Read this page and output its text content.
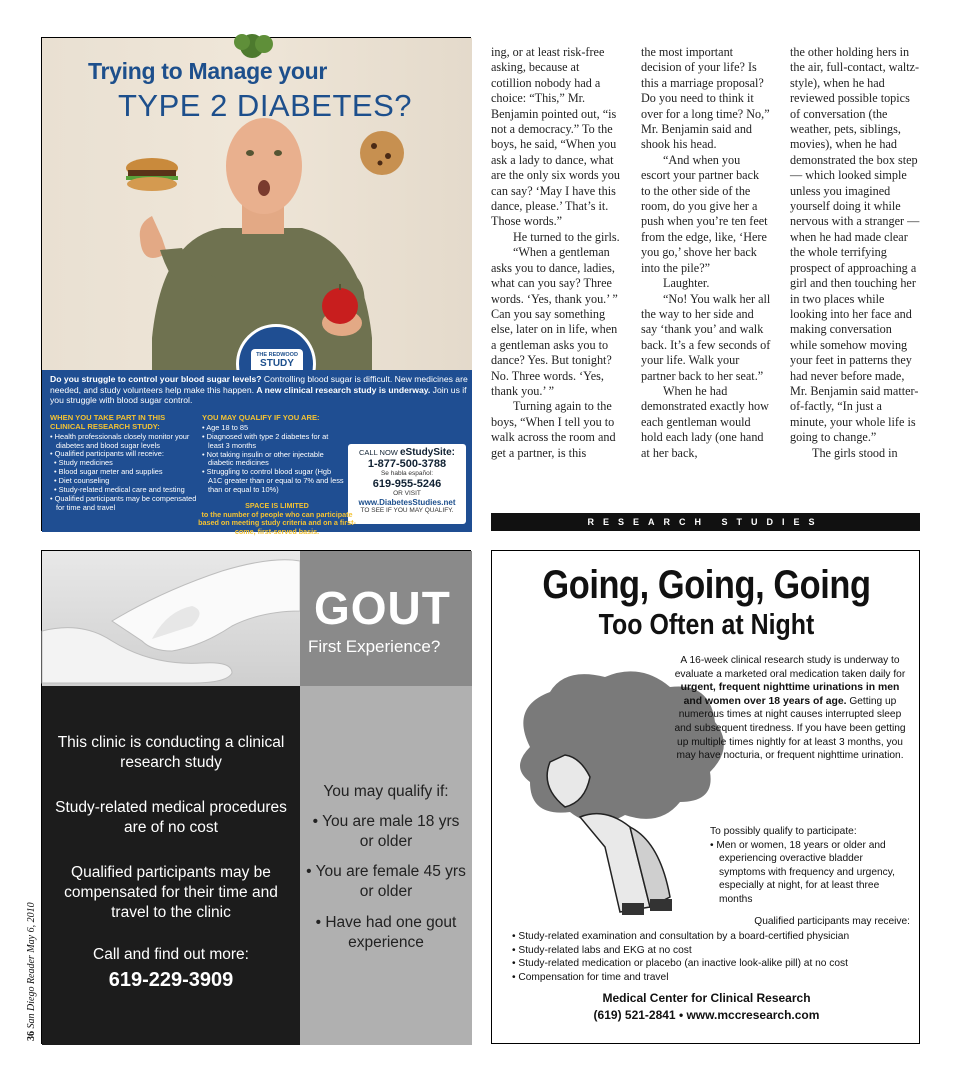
Trying to Manage your
TYPE 2 DIABETES?
THE REDWOOD
STUDY
Do you struggle to control your blood sugar levels? Controlling blood sugar is difficult. New medicines are needed, and study volunteers help make this happen. A new clinical research study is underway. Join us if you struggle with blood sugar control.
WHEN YOU TAKE PART IN THIS CLINICAL RESEARCH STUDY:
• Health professionals closely monitor your diabetes and blood sugar levels
• Qualified participants will receive:
• Study medicines
• Blood sugar meter and supplies
• Diet counseling
• Study-related medical care and testing
• Qualified participants may be compensated for time and travel
YOU MAY QUALIFY IF YOU ARE:
• Age 18 to 85
• Diagnosed with type 2 diabetes for at least 3 months
• Not taking insulin or other injectable diabetic medicines
• Struggling to control blood sugar (Hgb A1C greater than or equal to 7% and less than or equal to 10%)
CALL NOW eStudySite:
1-877-500-3788
Se habla español:
619-955-5246
OR VISIT
www.DiabetesStudies.net
TO SEE IF YOU MAY QUALIFY.
SPACE IS LIMITED
to the number of people who can participate based on meeting study criteria and on a first-come, first-served basis.

ing, or at least risk-free asking, because at cotillion nobody had a choice: “This,” Mr. Benjamin pointed out, “is not a democracy.” To the boys, he said, “When you ask a lady to dance, what are the only six words you can say? ‘May I have this dance, please.’ That’s it. Those words.”

He turned to the girls.

“When a gentleman asks you to dance, ladies, what can you say? Three words. ‘Yes, thank you.’ ” Can you say something else, later on in life, when a gentleman asks you to dance? Yes. But tonight? No. Three words. ‘Yes, thank you.’ ”

Turning again to the boys, “When I tell you to walk across the room and get a partner, is this

the most important decision of your life? Is this a marriage proposal? Do you need to think it over for a long time? No,” Mr. Benjamin said and shook his head.

“And when you escort your partner back to the other side of the room, do you give her a push when you’re ten feet from the edge, like, ‘Here you go,’ shove her back into the pile?”

Laughter.

“No! You walk her all the way to her side and say ‘thank you’ and walk back. It’s a few seconds of your life. Walk your partner back to her seat.”

When he had demonstrated exactly how each gentleman would hold each lady (one hand at her back,

the other holding hers in the air, full-contact, waltz-style), when he had reviewed possible topics of conversation (the weather, pets, siblings, movies), when he had demonstrated the box step — which looked simple unless you imagined yourself doing it while nervous with a stranger — when he had made clear the whole terrifying prospect of approaching a girl and then touching her in two places while looking into her face and making conversation while somehow moving your feet in patterns they had never before made, Mr. Benjamin said matter-of-factly, “In just a minute, your whole life is going to change.”

The girls stood in

RESEARCH STUDIES
GOUT
First Experience?

This clinic is conducting a clinical research study

Study-related medical procedures are of no cost

Qualified participants may be compensated for their time and travel to the clinic

Call and find out more:

619-229-3909

You may qualify if:

• You are male 18 yrs or older

• You are female 45 yrs or older

• Have had one gout experience

Going, Going, Going
Too Often at Night
A 16-week clinical research study is underway to evaluate a marketed oral medication taken daily for urgent, frequent nighttime urinations in men and women over 18 years of age. Getting up numerous times at night causes interrupted sleep and subsequent tiredness. If you have been getting up multiple times nightly for at least 3 months, you may have nocturia, or frequent nighttime urination.
To possibly qualify to participate:
• Men or women, 18 years or older and experiencing overactive bladder symptoms with frequency and urgency, especially at night, for at least three months
Qualified participants may receive:
• Study-related examination and consultation by a board-certified physician
• Study-related labs and EKG at no cost
• Study-related medication or placebo (an inactive look-alike pill) at no cost
• Compensation for time and travel
Medical Center for Clinical Research
(619) 521-2841 • www.mccresearch.com
36 San Diego Reader May 6, 2010
